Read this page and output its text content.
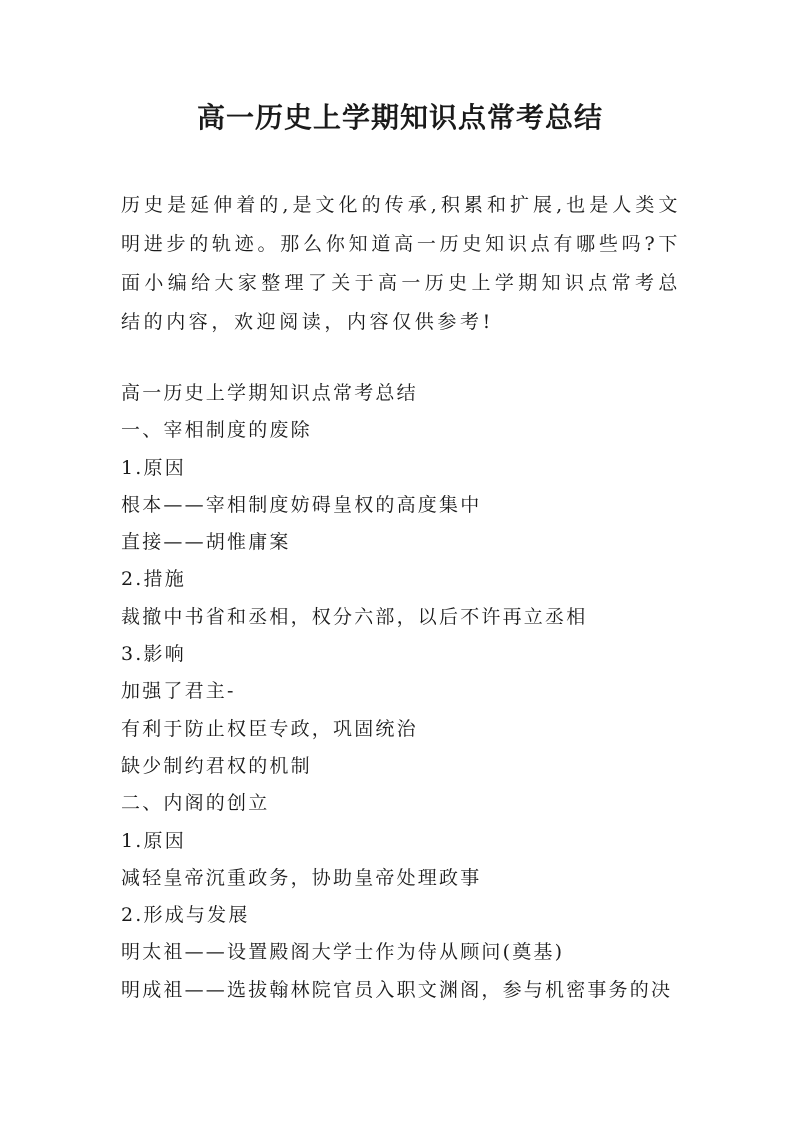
高一历史上学期知识点常考总结

历史是延伸着的,是文化的传承,积累和扩展,也是人类文明进步的轨迹。那么你知道高一历史知识点有哪些吗?下面小编给大家整理了关于高一历史上学期知识点常考总结的内容，欢迎阅读，内容仅供参考!

高一历史上学期知识点常考总结
一、宰相制度的废除
1.原因
根本——宰相制度妨碍皇权的高度集中
直接——胡惟庸案
2.措施
裁撤中书省和丞相，权分六部，以后不许再立丞相
3.影响
加强了君主-
有利于防止权臣专政，巩固统治
缺少制约君权的机制
二、内阁的创立
1.原因
减轻皇帝沉重政务，协助皇帝处理政事
2.形成与发展
明太祖——设置殿阁大学士作为侍从顾问(奠基)
明成祖——选拔翰林院官员入职文渊阁，参与机密事务的决
